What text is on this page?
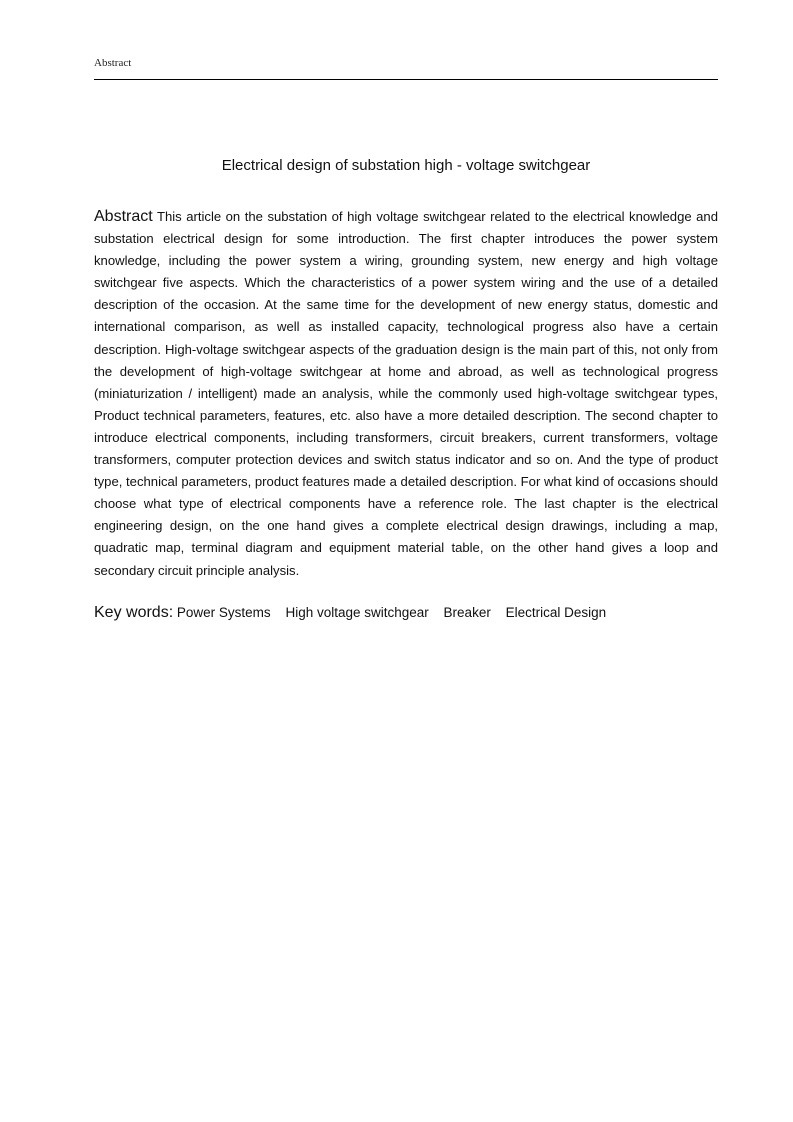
Abstract
Electrical design of substation high - voltage switchgear

Abstract This article on the substation of high voltage switchgear related to the electrical knowledge and substation electrical design for some introduction. The first chapter introduces the power system knowledge, including the power system a wiring, grounding system, new energy and high voltage switchgear five aspects. Which the characteristics of a power system wiring and the use of a detailed description of the occasion. At the same time for the development of new energy status, domestic and international comparison, as well as installed capacity, technological progress also have a certain description. High-voltage switchgear aspects of the graduation design is the main part of this, not only from the development of high-voltage switchgear at home and abroad, as well as technological progress (miniaturization / intelligent) made an analysis, while the commonly used high-voltage switchgear types, Product technical parameters, features, etc. also have a more detailed description. The second chapter to introduce electrical components, including transformers, circuit breakers, current transformers, voltage transformers, computer protection devices and switch status indicator and so on. And the type of product type, technical parameters, product features made a detailed description. For what kind of occasions should choose what type of electrical components have a reference role. The last chapter is the electrical engineering design, on the one hand gives a complete electrical design drawings, including a map, quadratic map, terminal diagram and equipment material table, on the other hand gives a loop and secondary circuit principle analysis.

Key words: Power Systems High voltage switchgear Breaker Electrical Design
